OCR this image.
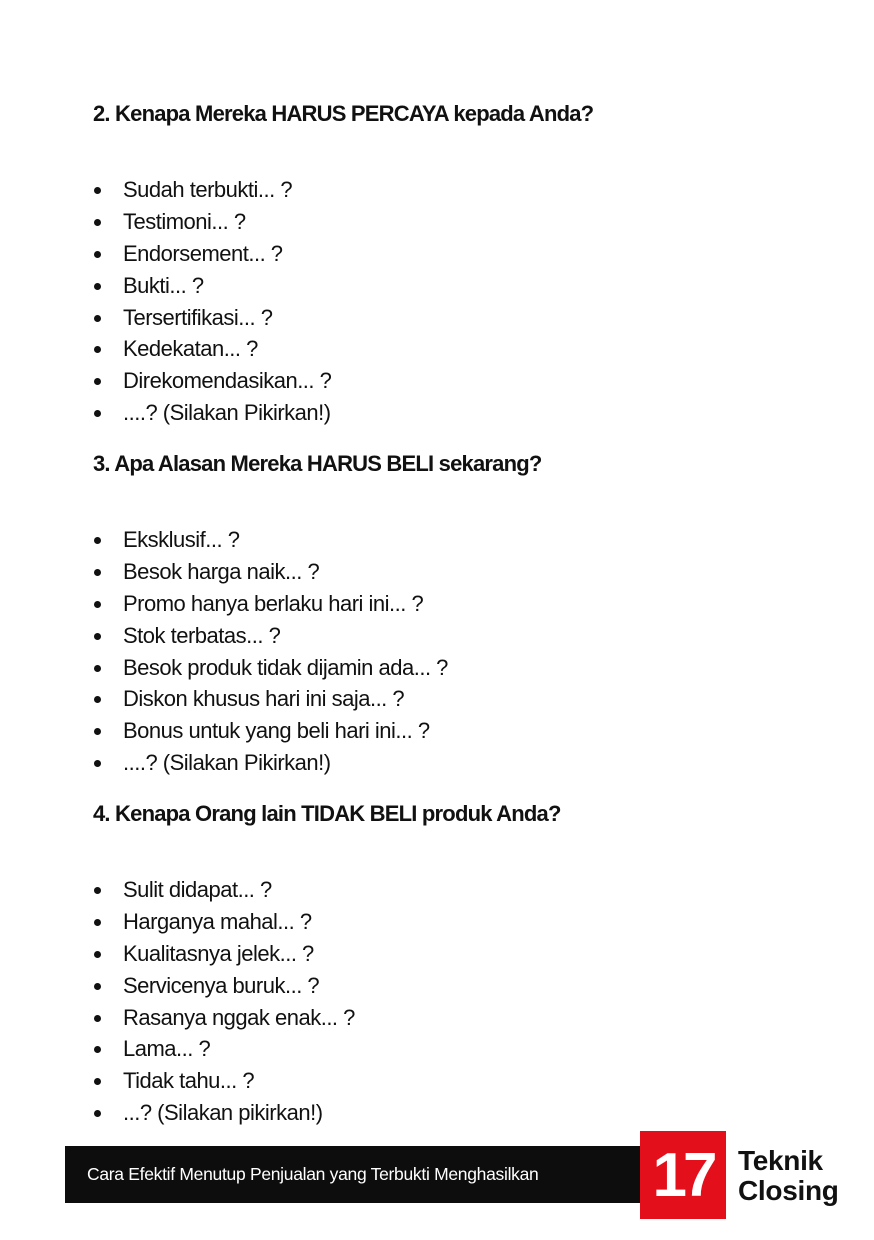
2. Kenapa Mereka HARUS PERCAYA kepada Anda?
Sudah terbukti... ?
Testimoni... ?
Endorsement... ?
Bukti... ?
Tersertifikasi... ?
Kedekatan... ?
Direkomendasikan... ?
....? (Silakan Pikirkan!)
3. Apa Alasan Mereka HARUS BELI sekarang?
Eksklusif... ?
Besok harga naik... ?
Promo hanya berlaku hari ini... ?
Stok terbatas... ?
Besok produk tidak dijamin ada... ?
Diskon khusus hari ini saja... ?
Bonus untuk yang beli hari ini... ?
....? (Silakan Pikirkan!)
4. Kenapa Orang lain TIDAK BELI produk Anda?
Sulit didapat... ?
Harganya mahal... ?
Kualitasnya jelek... ?
Servicenya buruk... ?
Rasanya nggak enak... ?
Lama... ?
Tidak tahu... ?
...? (Silakan pikirkan!)
Cara Efektif Menutup Penjualan yang Terbukti Menghasilkan 17 Teknik
Closing
